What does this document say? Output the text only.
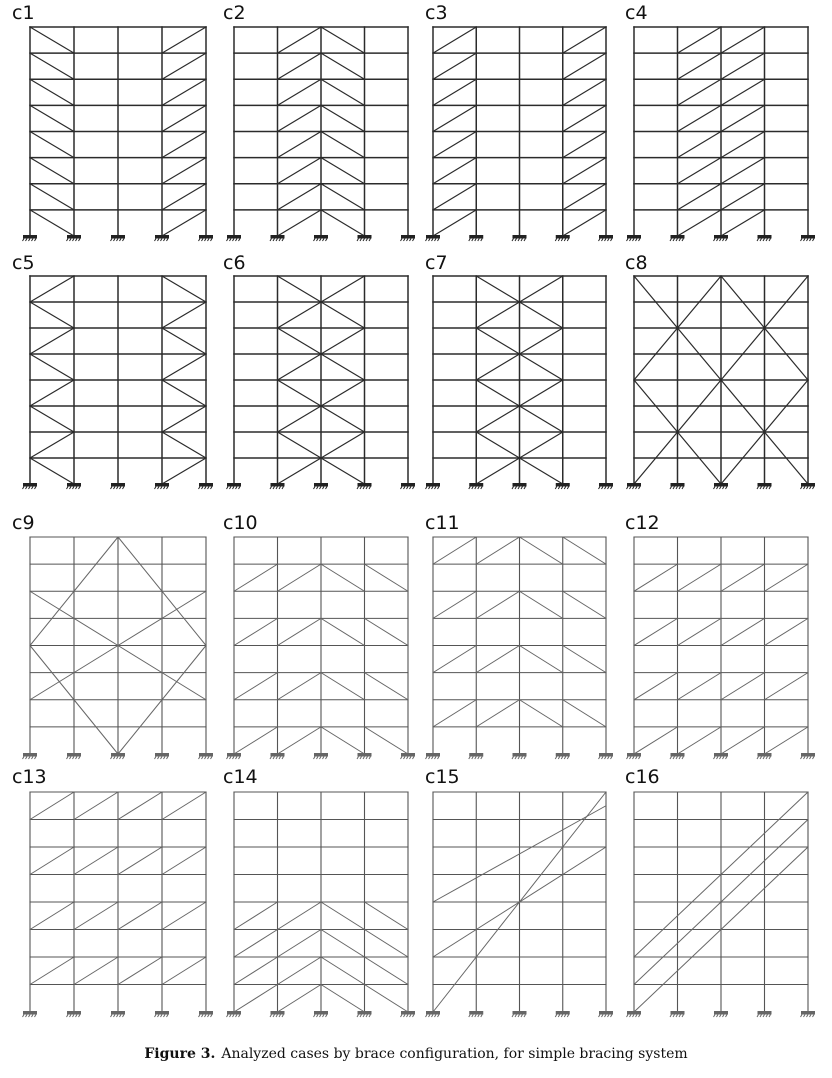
c1	c2	c3	c4
c5	c6	c7	c8
c9	c10	c11	c12
c13	c14	c15	c16
Figure 3. Analyzed cases by brace configuration, for simple bracing system
